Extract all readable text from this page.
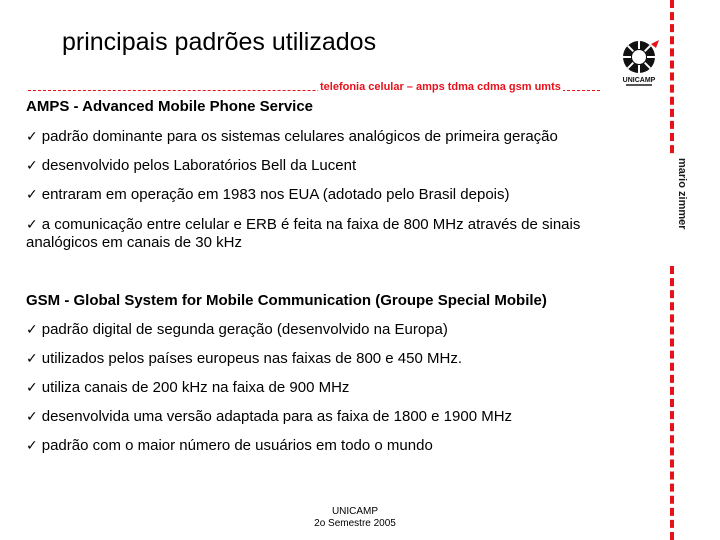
principais padrões utilizados
telefonia celular – amps tdma cdma gsm umts
mario zimmer
UNICAMP
AMPS - Advanced Mobile Phone Service
✓ padrão dominante para os sistemas celulares analógicos de primeira geração
✓ desenvolvido pelos Laboratórios Bell da Lucent
✓ entraram em operação em 1983 nos EUA (adotado pelo Brasil depois)
✓ a comunicação entre celular e ERB é feita na faixa de 800 MHz através de sinais analógicos em canais de 30 kHz
GSM - Global System for Mobile Communication (Groupe Special Mobile)
✓ padrão digital de segunda geração (desenvolvido na Europa)
✓ utilizados pelos países europeus nas faixas de 800 e 450 MHz.
✓ utiliza canais de 200 kHz na faixa de 900 MHz
✓ desenvolvida uma versão adaptada para as faixa de 1800 e 1900 MHz
✓ padrão com o maior número de usuários em todo o mundo
UNICAMP
2o Semestre 2005
